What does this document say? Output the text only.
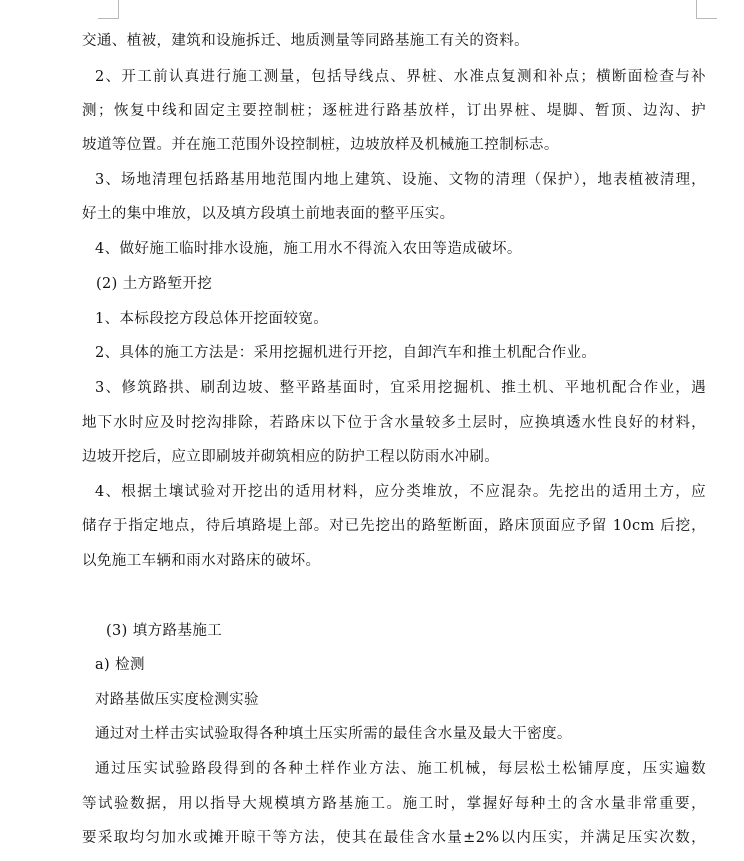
交通、植被，建筑和设施拆迁、地质测量等同路基施工有关的资料。
2、开工前认真进行施工测量，包括导线点、界桩、水准点复测和补点；横断面检查与补
测；恢复中线和固定主要控制桩；逐桩进行路基放样，订出界桩、堤脚、暂顶、边沟、护
坡道等位置。并在施工范围外设控制桩，边坡放样及机械施工控制标志。
3、场地清理包括路基用地范围内地上建筑、设施、文物的清理（保护），地表植被清理，
好土的集中堆放，以及填方段填土前地表面的整平压实。
4、做好施工临时排水设施，施工用水不得流入农田等造成破坏。
(2) 土方路堑开挖
1、本标段挖方段总体开挖面较宽。
2、具体的施工方法是：采用挖掘机进行开挖，自卸汽车和推土机配合作业。
3、修筑路拱、刷刮边坡、整平路基面时，宜采用挖掘机、推土机、平地机配合作业，遇
地下水时应及时挖沟排除，若路床以下位于含水量较多土层时，应换填透水性良好的材料，
边坡开挖后，应立即刷坡并砌筑相应的防护工程以防雨水冲刷。
4、根据土壤试验对开挖出的适用材料，应分类堆放，不应混杂。先挖出的适用土方，应
储存于指定地点，待后填路堤上部。对已先挖出的路堑断面，路床顶面应予留 10cm 后挖，
以免施工车辆和雨水对路床的破坏。
(3) 填方路基施工
a) 检测
对路基做压实度检测实验
通过对土样击实试验取得各种填土压实所需的最佳含水量及最大干密度。
通过压实试验路段得到的各种土样作业方法、施工机械，每层松土松铺厚度，压实遍数
等试验数据，用以指导大规模填方路基施工。施工时，掌握好每种土的含水量非常重要，
要采取均匀加水或摊开晾干等方法，使其在最佳含水量±2%以内压实，并满足压实次数，
